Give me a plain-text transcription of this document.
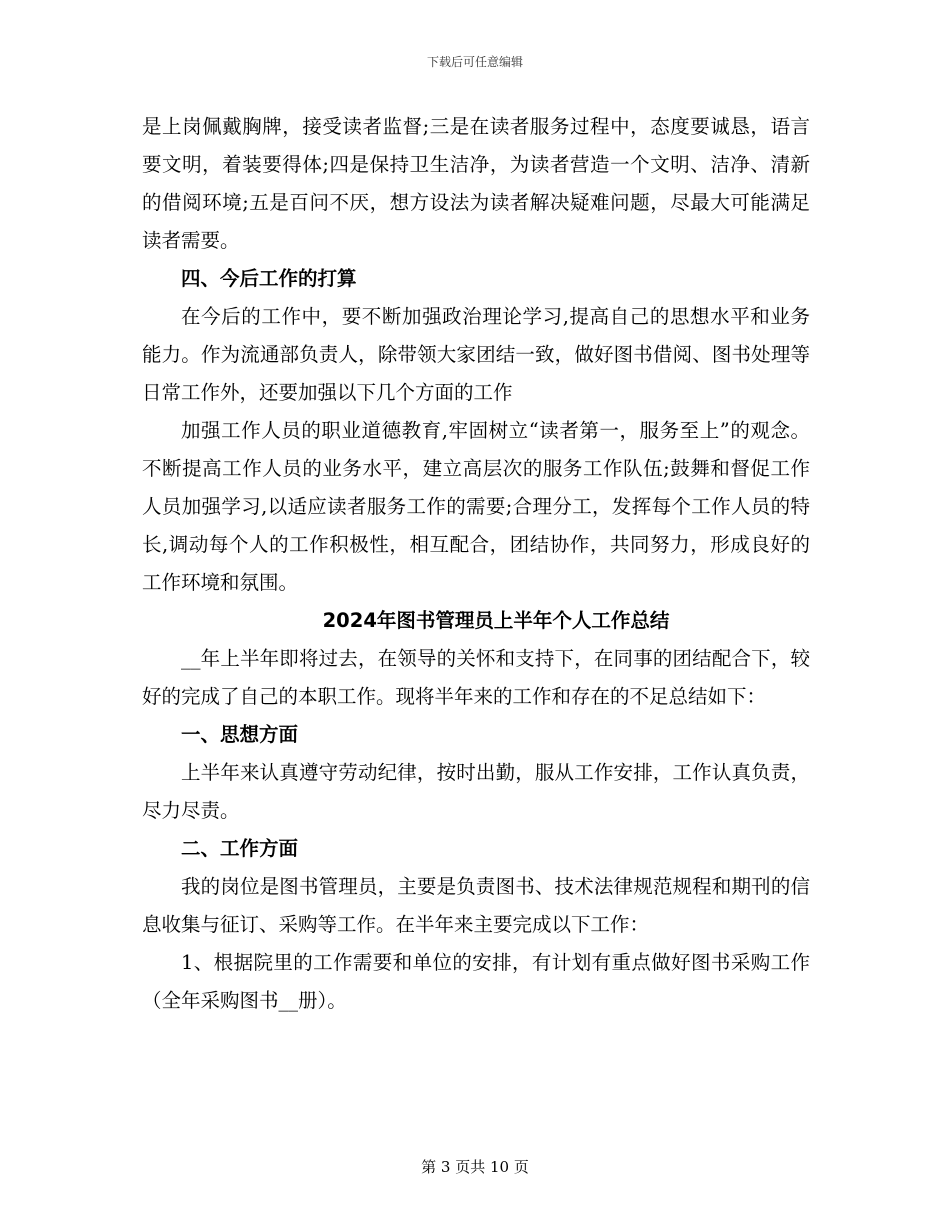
下载后可任意编辑

是上岗佩戴胸牌，接受读者监督;三是在读者服务过程中，态度要诚恳，语言要文明，着装要得体;四是保持卫生洁净，为读者营造一个文明、洁净、清新的借阅环境;五是百问不厌，想方设法为读者解决疑难问题，尽最大可能满足读者需要。

四、今后工作的打算

在今后的工作中，要不断加强政治理论学习,提高自己的思想水平和业务能力。作为流通部负责人，除带领大家团结一致，做好图书借阅、图书处理等日常工作外，还要加强以下几个方面的工作

加强工作人员的职业道德教育,牢固树立“读者第一，服务至上”的观念。不断提高工作人员的业务水平，建立高层次的服务工作队伍;鼓舞和督促工作人员加强学习,以适应读者服务工作的需要;合理分工，发挥每个工作人员的特长,调动每个人的工作积极性，相互配合，团结协作，共同努力，形成良好的工作环境和氛围。

2024年图书管理员上半年个人工作总结

__年上半年即将过去，在领导的关怀和支持下，在同事的团结配合下，较好的完成了自己的本职工作。现将半年来的工作和存在的不足总结如下：

一、思想方面

上半年来认真遵守劳动纪律，按时出勤，服从工作安排，工作认真负责，尽力尽责。

二、工作方面

我的岗位是图书管理员，主要是负责图书、技术法律规范规程和期刊的信息收集与征订、采购等工作。在半年来主要完成以下工作：

1、根据院里的工作需要和单位的安排，有计划有重点做好图书采购工作（全年采购图书__册）。

第 3 页共 10 页
